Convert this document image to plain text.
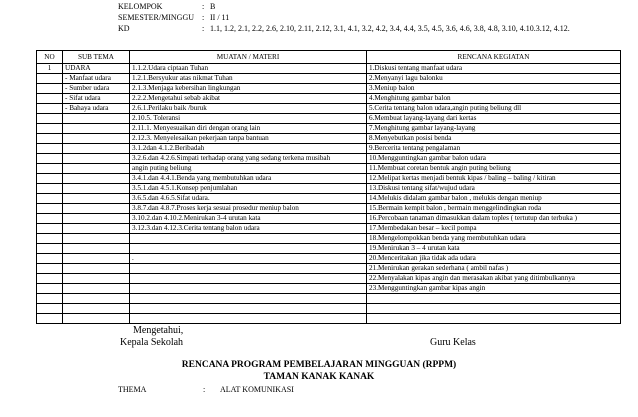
KELOMPOK	: B
SEMESTER/MINGGU : II / 11
KD	: 1.1, 1.2, 2.1, 2.2, 2.6, 2.10, 2.11, 2.12, 3.1, 4.1, 3.2, 4.2, 3.4, 4.4, 3.5, 4.5, 3.6, 4.6, 3.8, 4.8, 3.10, 4.10.3.12, 4.12.
NO	SUB TEMA	MUATAN / MATERI	RENCANA KEGIATAN
1	UDARA	1.1.2.Udara ciptaan Tuhan	1.Diskusi tentang manfaat udara
	- Manfaat udara	1.2.1.Bersyukur atas nikmat Tuhan	2.Menyanyi lagu balonku
	- Sumber udara	2.1.3.Menjaga kebersihan lingkungan	3.Meniup balon
	- Sifat udara	2.2.2.Mengetahui sebab akibat	4.Menghitung gambar balon
	- Bahaya udara	2.6.1.Perilaku baik /buruk	5.Cerita tentang balon udara,angin puting beliung dll
		2.10.5. Toleransi	6.Membuat layang-layang dari kertas
		2.11.1. Menyesuaikan diri dengan orang lain	7.Menghitung gambar layang-layang
		2.12.3. Menyelesaikan pekerjaan tanpa bantuan	8.Menyebutkan posisi benda
		3.1.2dan 4.1.2.Beribadah	9.Bercerita tentang pengalaman
		3.2.6.dan 4.2.6.Simpati terhadap orang yang sedang terkena musibah	10.Mengguntingkan gambar balon udara
		angin puting beliung	11.Membuat coretan bentuk angin puting beliung
		3.4.1.dan 4.4.1.Benda yang membutuhkan udara	12.Melipat kertas menjadi bentuk kipas / baling – baling / kitiran
		3.5.1.dan 4.5.1.Konsep penjumlahan	13.Diskusi tentang sifat/wujud udara
		3.6.5.dan 4.6.5.Sifat udara.	14.Melukis didalam gambar balon , melukis dengan meniup
		3.8.7.dan 4.8.7.Proses kerja sesuai prosedur meniup balon	15.Bermain kempit balon , bermain menggelindingkan roda
		3.10.2.dan 4.10.2.Menirukan 3-4 urutan kata	16.Percobaan tanaman dimasukkan dalam toples ( tertutup dan terbuka )
		3.12.3.dan 4.12.3.Cerita tentang balon udara	17.Membedakan besar – kecil pompa
			18.Mengelompokkan benda yang membutuhkan udara
			19.Menirukan 3 – 4 urutan kata
		.	20.Menceritakan jika tidak ada udara
			21.Menirukan gerakan sederhana ( ambil nafas )
			22.Menyalakan kipas angin dan merasakan akibat yang ditimbulkannya
			23.Mengguntingkan gambar kipas angin

Mengetahui,
Kepala Sekolah	Guru Kelas
RENCANA PROGRAM PEMBELAJARAN MINGGUAN (RPPM)
TAMAN KANAK KANAK
THEMA	: ALAT KOMUNIKASI
